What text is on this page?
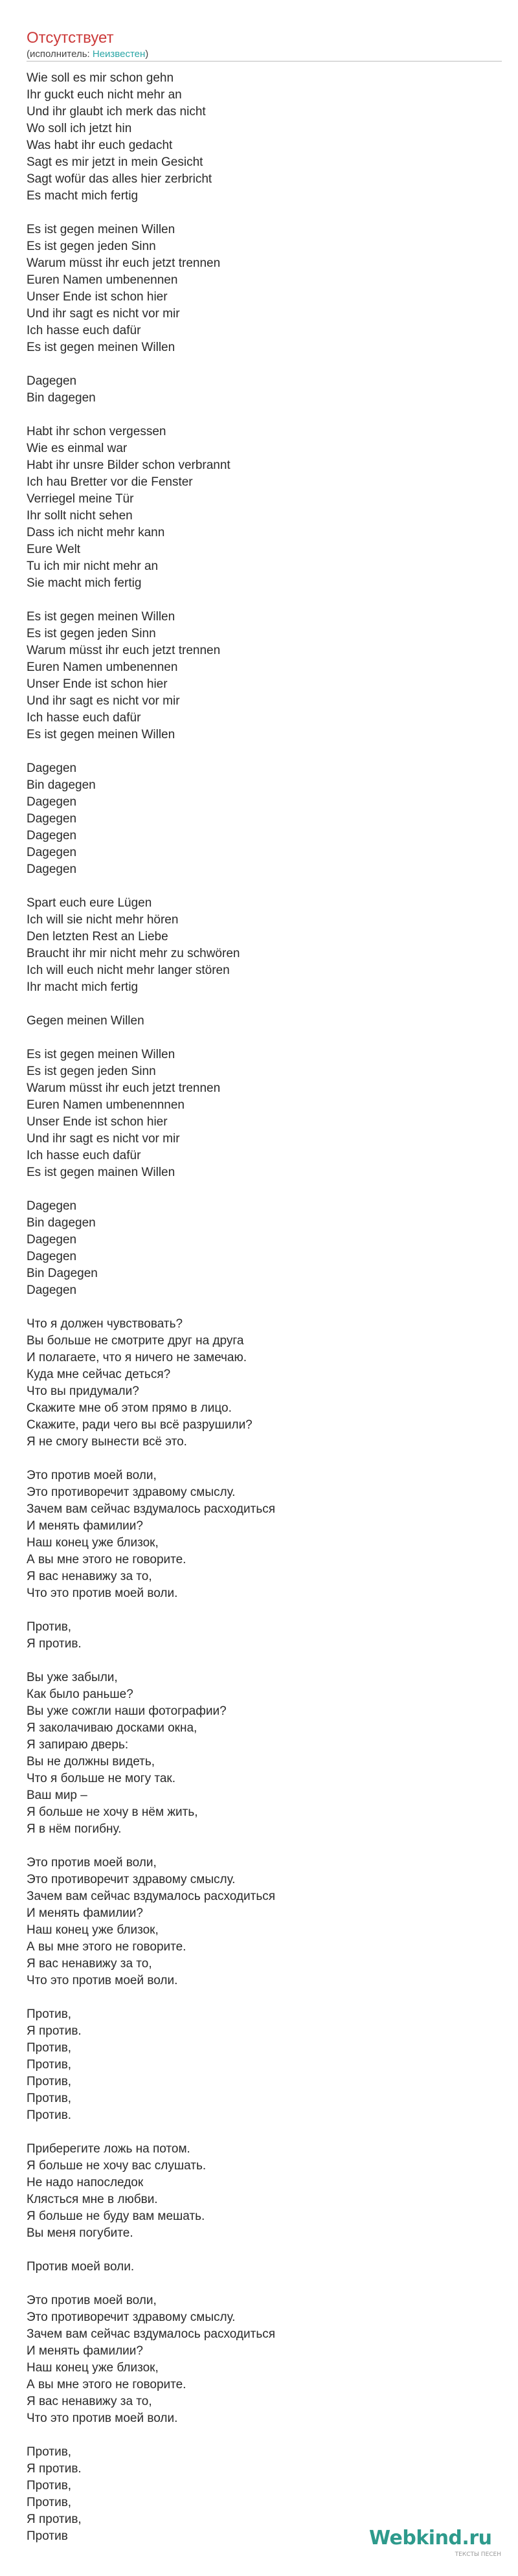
Отсутствует
(исполнитель: Неизвестен)
Wie soll es mir schon gehn
Ihr guckt euch nicht mehr an
Und ihr glaubt ich merk das nicht
Wo soll ich jetzt hin
Was habt ihr euch gedacht
Sagt es mir jetzt in mein Gesicht
Sagt wofür das alles hier zerbricht
Es macht mich fertig
Es ist gegen meinen Willen
Es ist gegen jeden Sinn
Warum müsst ihr euch jetzt trennen
Euren Namen umbenennen
Unser Ende ist schon hier
Und ihr sagt es nicht vor mir
Ich hasse euch dafür
Es ist gegen meinen Willen
Dagegen
Bin dagegen
Habt ihr schon vergessen
Wie es einmal war
Habt ihr unsre Bilder schon verbrannt
Ich hau Bretter vor die Fenster
Verriegel meine Tür
Ihr sollt nicht sehen
Dass ich nicht mehr kann
Eure Welt
Tu ich mir nicht mehr an
Sie macht mich fertig
Es ist gegen meinen Willen
Es ist gegen jeden Sinn
Warum müsst ihr euch jetzt trennen
Euren Namen umbenennen
Unser Ende ist schon hier
Und ihr sagt es nicht vor mir
Ich hasse euch dafür
Es ist gegen meinen Willen
Dagegen
Bin dagegen
Dagegen
Dagegen
Dagegen
Dagegen
Dagegen
Spart euch eure Lügen
Ich will sie nicht mehr hören
Den letzten Rest an Liebe
Braucht ihr mir nicht mehr zu schwören
Ich will euch nicht mehr langer stören
Ihr macht mich fertig
Gegen meinen Willen
Es ist gegen meinen Willen
Es ist gegen jeden Sinn
Warum müsst ihr euch jetzt trennen
Euren Namen umbenennnen
Unser Ende ist schon hier
Und ihr sagt es nicht vor mir
Ich hasse euch dafür
Es ist gegen mainen Willen
Dagegen
Bin dagegen
Dagegen
Dagegen
Bin Dagegen
Dagegen
Что я должен чувствовать?
Вы больше не смотрите друг на друга
И полагаете, что я ничего не замечаю.
Куда мне сейчас деться?
Что вы придумали?
Скажите мне об этом прямо в лицо.
Скажите, ради чего вы всё разрушили?
Я не смогу вынести всё это.
Это против моей воли,
Это противоречит здравому смыслу.
Зачем вам сейчас вздумалось расходиться
И менять фамилии?
Наш конец уже близок,
А вы мне этого не говорите.
Я вас ненавижу за то,
Что это против моей воли.
Против,
Я против.
Вы уже забыли,
Как было раньше?
Вы уже сожгли наши фотографии?
Я заколачиваю досками окна,
Я запираю дверь:
Вы не должны видеть,
Что я больше не могу так.
Ваш мир –
Я больше не хочу в нём жить,
Я в нём погибну.
Это против моей воли,
Это противоречит здравому смыслу.
Зачем вам сейчас вздумалось расходиться
И менять фамилии?
Наш конец уже близок,
А вы мне этого не говорите.
Я вас ненавижу за то,
Что это против моей воли.
Против,
Я против.
Против,
Против,
Против,
Против,
Против.
Приберегите ложь на потом.
Я больше не хочу вас слушать.
Не надо напоследок
Клясться мне в любви.
Я больше не буду вам мешать.
Вы меня погубите.
Против моей воли.
Это против моей воли,
Это противоречит здравому смыслу.
Зачем вам сейчас вздумалось расходиться
И менять фамилии?
Наш конец уже близок,
А вы мне этого не говорите.
Я вас ненавижу за то,
Что это против моей воли.
Против,
Я против.
Против,
Против,
Я против,
Против	Webkind.ru
ТЕКСТЫ ПЕСЕН
